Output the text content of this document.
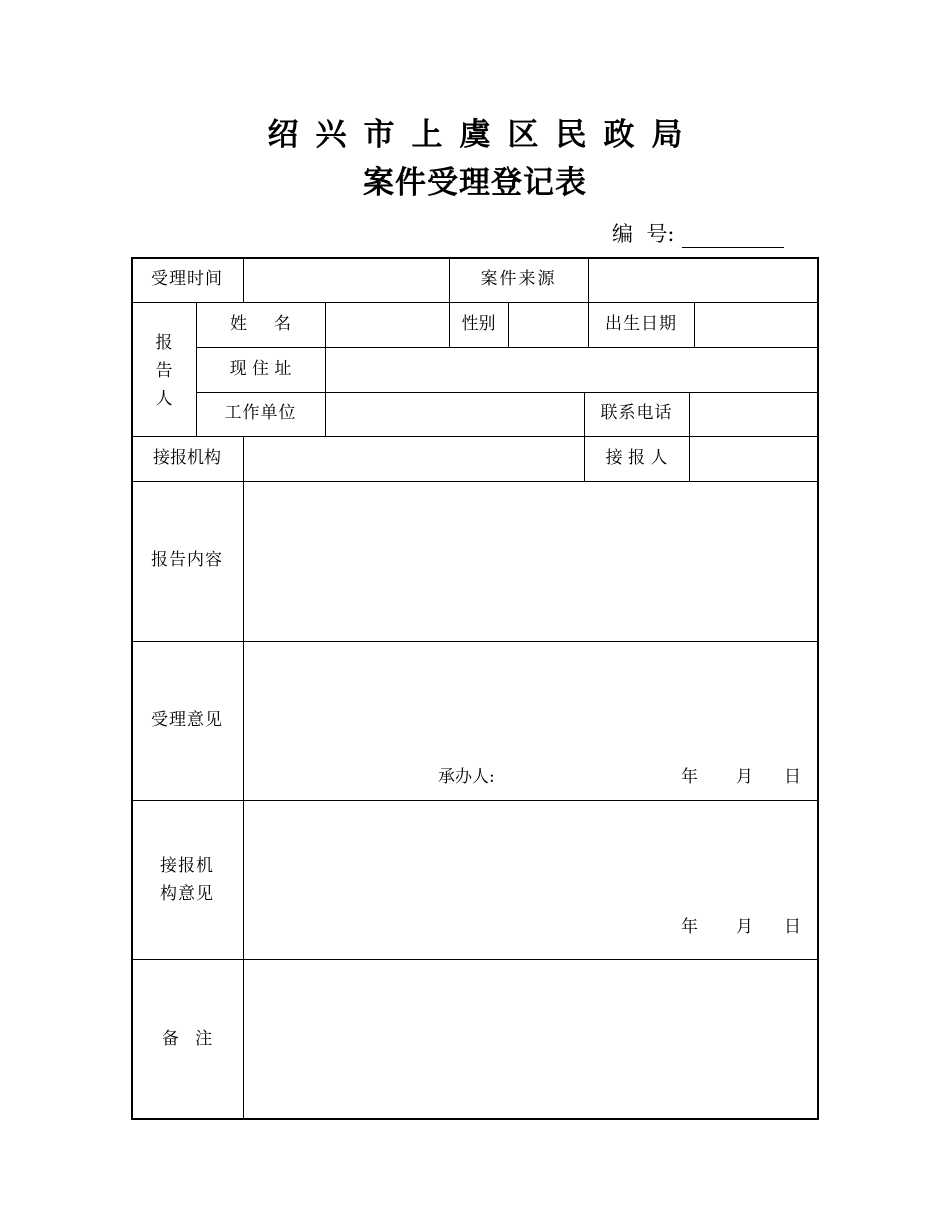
绍兴市上虞区民政局
案件受理登记表
编  号:
受理时间	案件来源
报
告
人
姓     名	性别	出生日期
现 住 址
工作单位	联系电话
接报机构	接 报 人
报告内容
受理意见
承办人:	年 月 日
接报机
构意见
年 月 日
备   注
